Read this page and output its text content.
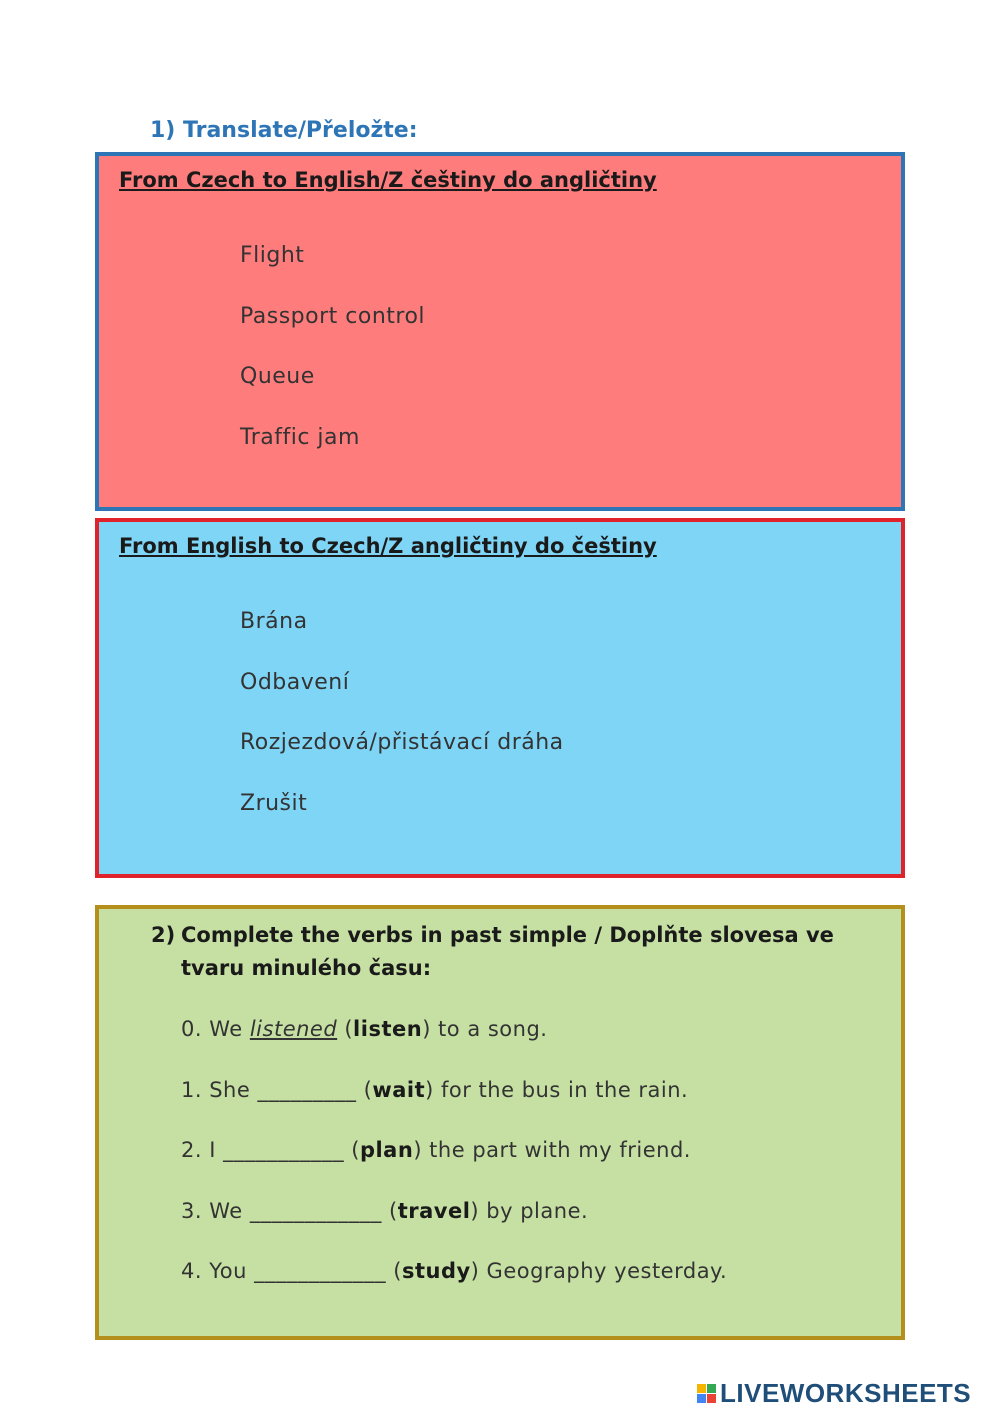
1) Translate/Přeložte:
From Czech to English/Z češtiny do angličtiny
Flight
Passport control
Queue
Traffic jam
From English to Czech/Z angličtiny do češtiny
Brána
Odbavení
Rozjezdová/přistávací dráha
Zrušit
2) Complete the verbs in past simple / Doplňte slovesa ve tvaru minulého času:
0. We listened (listen) to a song.
1. She _________ (wait) for the bus in the rain.
2. I ___________ (plan) the part with my friend.
3. We ____________ (travel) by plane.
4. You ____________ (study) Geography yesterday.
LIVEWORKSHEETS
